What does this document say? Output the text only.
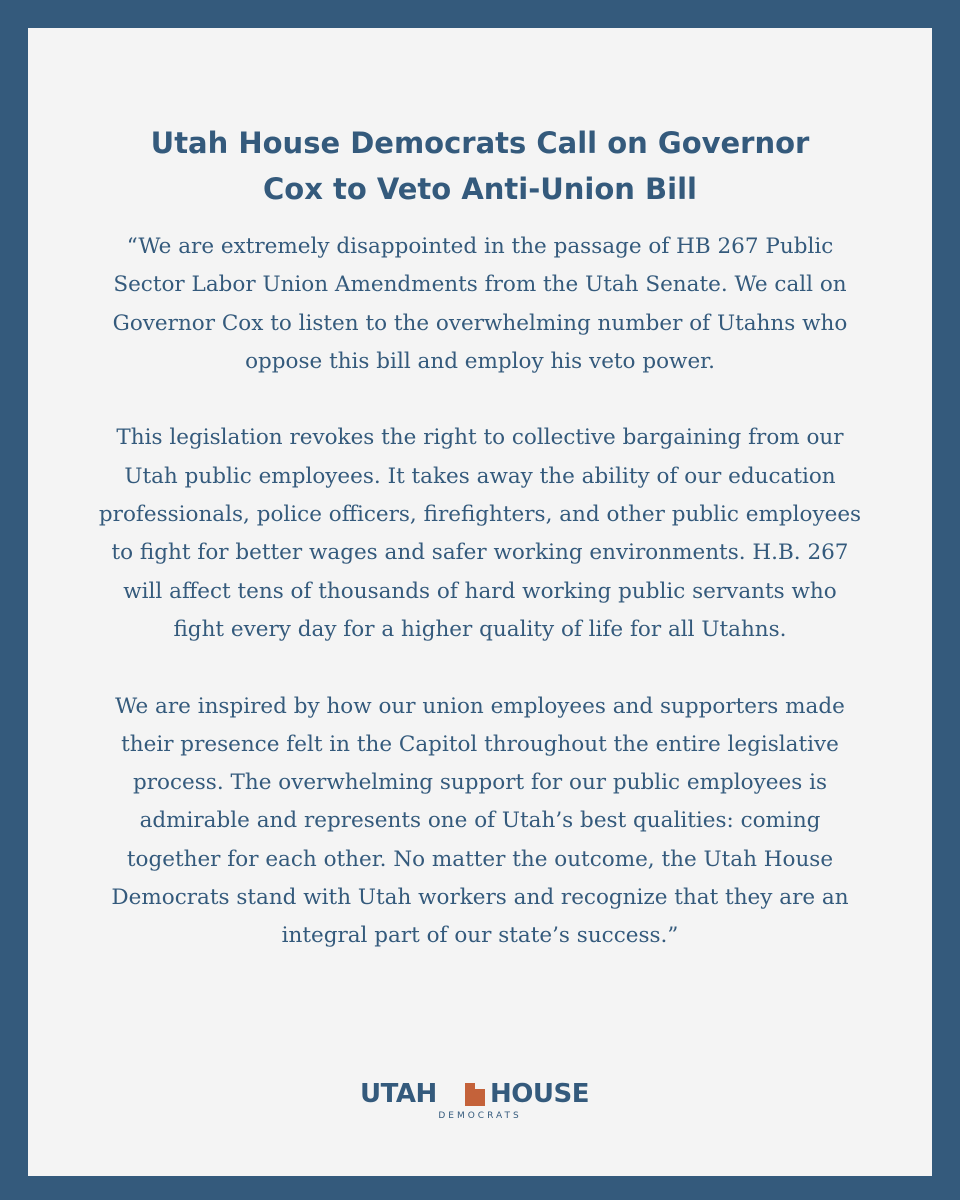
Utah House Democrats Call on Governor
Cox to Veto Anti-Union Bill

“We are extremely disappointed in the passage of HB 267 Public
Sector Labor Union Amendments from the Utah Senate. We call on
Governor Cox to listen to the overwhelming number of Utahns who
oppose this bill and employ his veto power.

This legislation revokes the right to collective bargaining from our
Utah public employees. It takes away the ability of our education
professionals, police officers, firefighters, and other public employees
to fight for better wages and safer working environments. H.B. 267
will affect tens of thousands of hard working public servants who
fight every day for a higher quality of life for all Utahns.

We are inspired by how our union employees and supporters made
their presence felt in the Capitol throughout the entire legislative
process. The overwhelming support for our public employees is
admirable and represents one of Utah’s best qualities: coming
together for each other. No matter the outcome, the Utah House
Democrats stand with Utah workers and recognize that they are an
integral part of our state’s success.”

UTAH HOUSE
DEMOCRATS
